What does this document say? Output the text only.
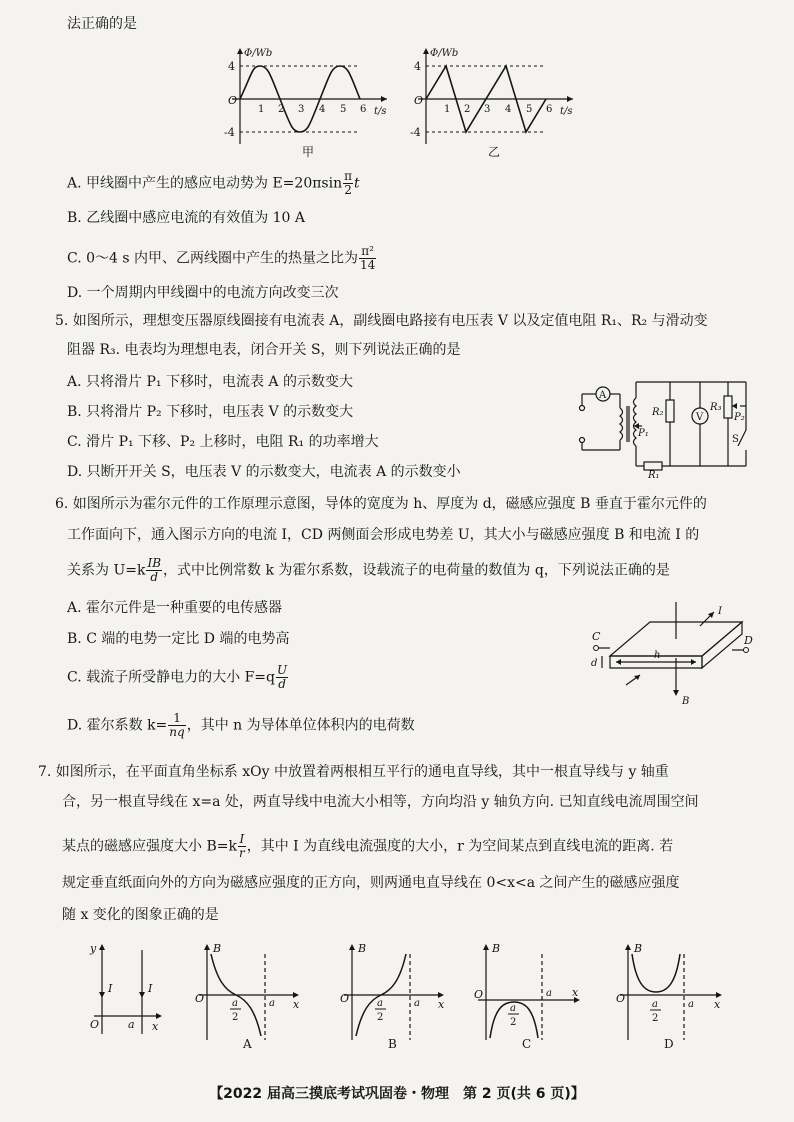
法正确的是
Φ/Wb
4
-4
O
1 2 3 4 5 6 t/s
甲
Φ/Wb
4
-4
O
1 2 3 4 5 6 t/s
乙
A. 甲线圈中产生的感应电动势为 $E=20\pi\sin \frac{\pi}{2}$ t
B. 乙线圈中感应电流的有效值为 10 A
C. 0～4 s 内甲、乙两线圈中产生的热量之比为 $\frac{\text{π²}}{14}$
D. 一个周期内甲线圈中的电流方向改变三次
5. 如图所示，理想变压器原线圈接有电流表 A，副线圈电路接有电压表 V 以及定值电阻 R₁、R₂ 与滑动变
阻器 R₃. 电表均为理想电表，闭合开关 S，则下列说法正确的是
A. 只将滑片 P₁ 下移时，电流表 A 的示数变大
B. 只将滑片 P₂ 下移时，电压表 V 的示数变大
C. 滑片 P₁ 下移、P₂ 上移时，电阻 R₁ 的功率增大
D. 只断开开关 S，电压表 V 的示数变大，电流表 A 的示数变小
A
V
R₂	R₃
R₁
P₁
P₂
S
6. 如图所示为霍尔元件的工作原理示意图，导体的宽度为 h、厚度为 d，磁感应强度 B 垂直于霍尔元件的
工作面向下，通入图示方向的电流 I，CD 两侧面会形成电势差 U，其大小与磁感应强度 B 和电流 I 的
关系为 $U=k \frac{IB}{d}$ ，式中比例常数 k 为霍尔系数，设载流子的电荷量的数值为 q，下列说法正确的是
A. 霍尔元件是一种重要的电传感器
B. C 端的电势一定比 D 端的电势高
C. 载流子所受静电力的大小 $F=q \frac{U}{d}$
D. 霍尔系数 $k= \frac{1}{nq}$ ，其中 n 为导体单位体积内的电荷数
I
C	D
h
d
B
7. 如图所示，在平面直角坐标系 xOy 中放置着两根相互平行的通电直导线，其中一根直导线与 y 轴重
合，另一根直导线在 x=a 处，两直导线中电流大小相等，方向均沿 y 轴负方向. 已知直线电流周围空间
某点的磁感应强度大小 $B=k \frac{I}{r}$ ，其中 I 为直线电流强度的大小，r 为空间某点到直线电流的距离. 若
规定垂直纸面向外的方向为磁感应强度的正方向，则两通电直导线在 0<x<a 之间产生的磁感应强度
随 x 变化的图象正确的是
y
I	I
O	a x
B
O	a
2
a x
A
B
O	a
2
a x
B
B
O
a
2
a x
C
B
O	a
2
a x
D
【2022 届高三摸底考试巩固卷・物理　第 2 页(共 6 页)】
